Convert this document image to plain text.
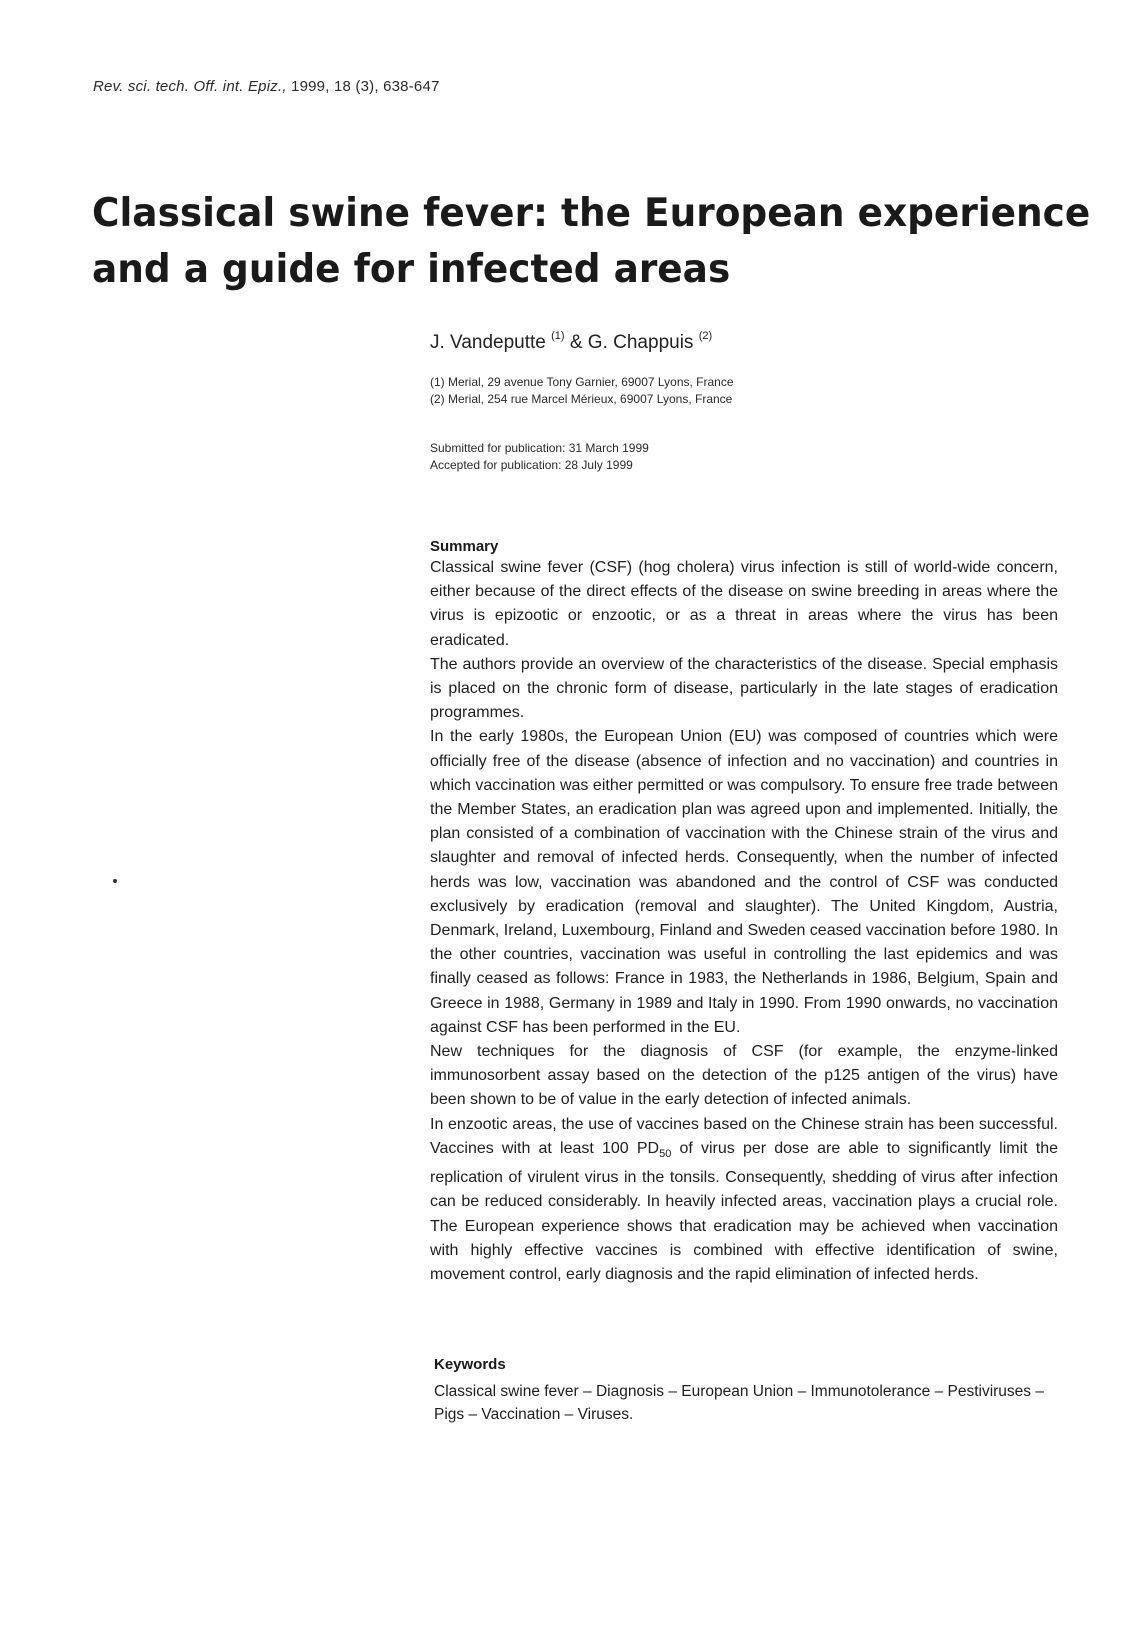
Rev. sci. tech. Off. int. Epiz., 1999, 18 (3), 638-647
Classical swine fever: the European experience
and a guide for infected areas
J. Vandeputte $^{(1)}$ & G. Chappuis $^{(2)}$
(1) Merial, 29 avenue Tony Garnier, 69007 Lyons, France
(2) Merial, 254 rue Marcel Mérieux, 69007 Lyons, France
Submitted for publication: 31 March 1999
Accepted for publication: 28 July 1999
Summary

Classical swine fever (CSF) (hog cholera) virus infection is still of world-wide concern, either because of the direct effects of the disease on swine breeding in areas where the virus is epizootic or enzootic, or as a threat in areas where the virus has been eradicated.

The authors provide an overview of the characteristics of the disease. Special emphasis is placed on the chronic form of disease, particularly in the late stages of eradication programmes.

In the early 1980s, the European Union (EU) was composed of countries which were officially free of the disease (absence of infection and no vaccination) and countries in which vaccination was either permitted or was compulsory. To ensure free trade between the Member States, an eradication plan was agreed upon and implemented. Initially, the plan consisted of a combination of vaccination with the Chinese strain of the virus and slaughter and removal of infected herds. Consequently, when the number of infected herds was low, vaccination was abandoned and the control of CSF was conducted exclusively by eradication (removal and slaughter). The United Kingdom, Austria, Denmark, Ireland, Luxembourg, Finland and Sweden ceased vaccination before 1980. In the other countries, vaccination was useful in controlling the last epidemics and was finally ceased as follows: France in 1983, the Netherlands in 1986, Belgium, Spain and Greece in 1988, Germany in 1989 and Italy in 1990. From 1990 onwards, no vaccination against CSF has been performed in the EU.

New techniques for the diagnosis of CSF (for example, the enzyme-linked immunosorbent assay based on the detection of the p125 antigen of the virus) have been shown to be of value in the early detection of infected animals.

In enzootic areas, the use of vaccines based on the Chinese strain has been successful. Vaccines with at least 100 $PD_{50}$ of virus per dose are able to significantly limit the replication of virulent virus in the tonsils. Consequently, shedding of virus after infection can be reduced considerably. In heavily infected areas, vaccination plays a crucial role. The European experience shows that eradication may be achieved when vaccination with highly effective vaccines is combined with effective identification of swine, movement control, early diagnosis and the rapid elimination of infected herds.

Keywords
Classical swine fever – Diagnosis – European Union – Immunotolerance – Pestiviruses – Pigs – Vaccination – Viruses.
